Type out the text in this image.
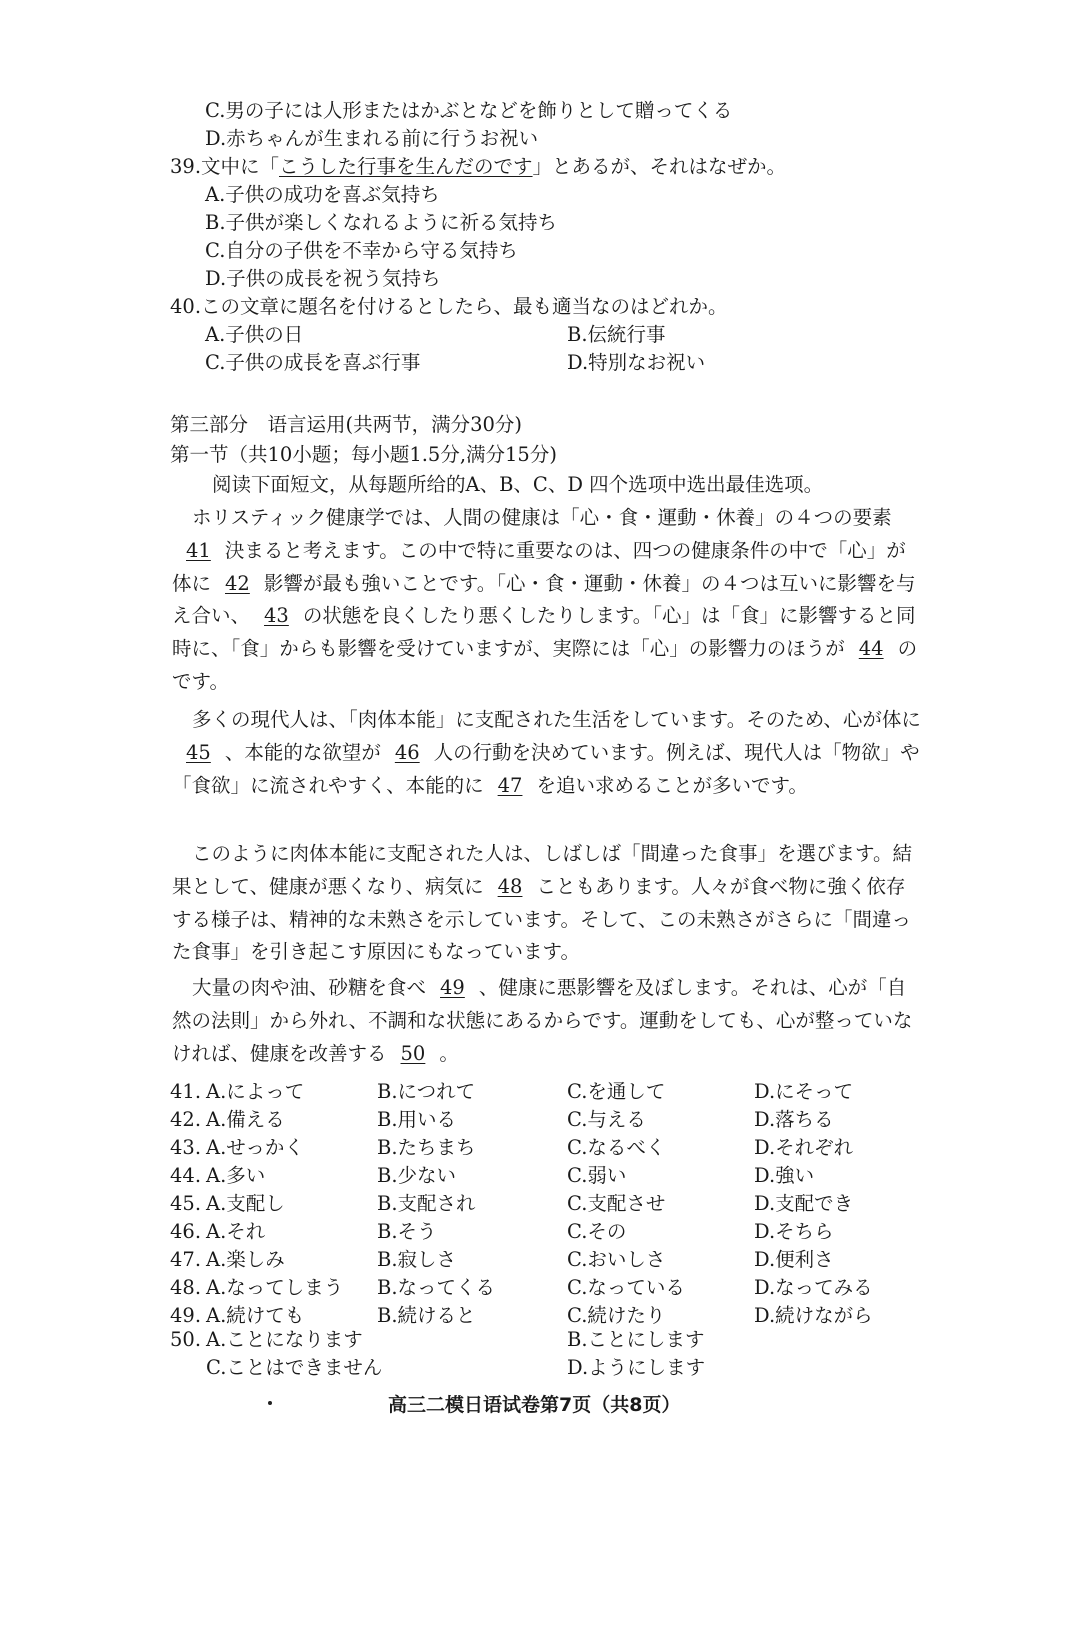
C.男の子には人形またはかぶとなどを飾りとして贈ってくる
D.赤ちゃんが生まれる前に行うお祝い
39.文中に「こうした行事を生んだのです」とあるが、それはなぜか。
A.子供の成功を喜ぶ気持ち
B.子供が楽しくなれるように祈る気持ち
C.自分の子供を不幸から守る気持ち
D.子供の成長を祝う気持ち
40.この文章に題名を付けるとしたら、最も適当なのはどれか。
A.子供の日	B.伝統行事
C.子供の成長を喜ぶ行事	D.特別なお祝い
第三部分　语言运用(共两节，满分30分)
第一节（共10小题；每小题1.5分,满分15分)
阅读下面短文，从每题所给的A、B、C、D 四个选项中选出最佳选项。

ホリスティック健康学では、人間の健康は「心・食・運動・休養」の４つの要素41 決まると考えます。この中で特に重要なのは、四つの健康条件の中で「心」が体に 42 影響が最も強いことです。「心・食・運動・休養」の４つは互いに影響を与え合い、 43 の状態を良くしたり悪くしたりします。「心」は「食」に影響すると同時に、「食」からも影響を受けていますが、実際には「心」の影響力のほうが 44 のです。

多くの現代人は、「肉体本能」に支配された生活をしています。そのため、心が体に45 、本能的な欲望が 46 人の行動を決めています。例えば、現代人は「物欲」や「食欲」に流されやすく、本能的に 47 を追い求めることが多いです。

このように肉体本能に支配された人は、しばしば「間違った食事」を選びます。結果として、健康が悪くなり、病気に 48 こともあります。人々が食べ物に強く依存する様子は、精神的な未熟さを示しています。そして、この未熟さがさらに「間違った食事」を引き起こす原因にもなっています。

大量の肉や油、砂糖を食べ 49 、健康に悪影響を及ぼします。それは、心が「自然の法則」から外れ、不調和な状態にあるからです。運動をしても、心が整っていなければ、健康を改善する 50 。

41. A.によって	B.につれて	C.を通して	D.にそって
42. A.備える	B.用いる	C.与える	D.落ちる
43. A.せっかく	B.たちまち	C.なるべく	D.それぞれ
44. A.多い	B.少ない	C.弱い	D.強い
45. A.支配し	B.支配され	C.支配させ	D.支配でき
46. A.それ	B.そう	C.その	D.そちら
47. A.楽しみ	B.寂しさ	C.おいしさ	D.便利さ
48. A.なってしまう B.なってくる	C.なっている	D.なってみる
49. A.続けても	B.続けると	C.続けたり	D.続けながら
50. A.ことになります	B.ことにします
C.ことはできません	D.ようにします
高三二模日语试卷第7页（共8页）
